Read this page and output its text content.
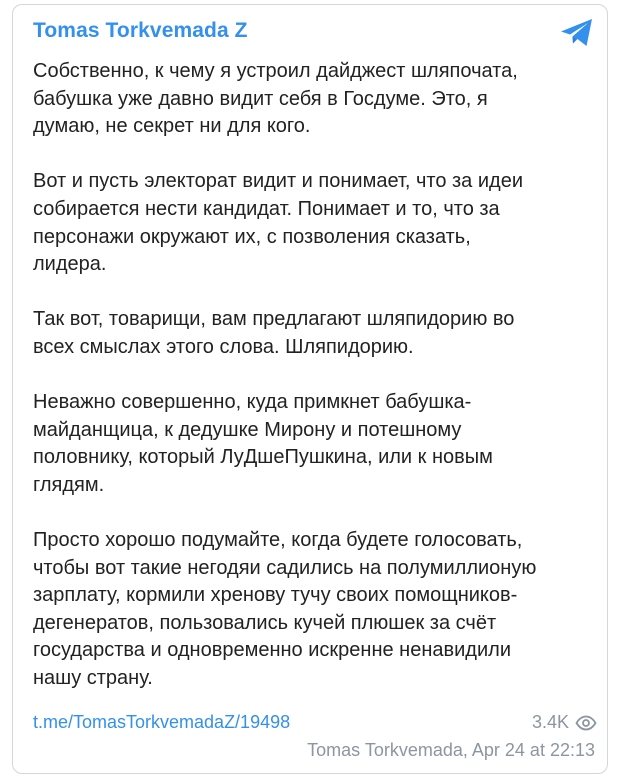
Tomas Torkvemada Z

Собственно, к чему я устроил дайджест шляпочата,
бабушка уже давно видит себя в Госдуме. Это, я
думаю, не секрет ни для кого.

Вот и пусть электорат видит и понимает, что за идеи
собирается нести кандидат. Понимает и то, что за
персонажи окружают их, с позволения сказать,
лидера.

Так вот, товарищи, вам предлагают шляпидорию во
всех смыслах этого слова. Шляпидорию.

Неважно совершенно, куда примкнет бабушка-
майданщица, к дедушке Мирону и потешному
половнику, который ЛуДшеПушкина, или к новым
глядям.

Просто хорошо подумайте, когда будете голосовать,
чтобы вот такие негодяи садились на полумиллионую
зарплату, кормили хренову тучу своих помощников-
дегенератов, пользовались кучей плюшек за счёт
государства и одновременно искренне ненавидили
нашу страну.

t.me/TomasTorkvemadaZ/19498	3.4K
Tomas Torkvemada, Apr 24 at 22:13
